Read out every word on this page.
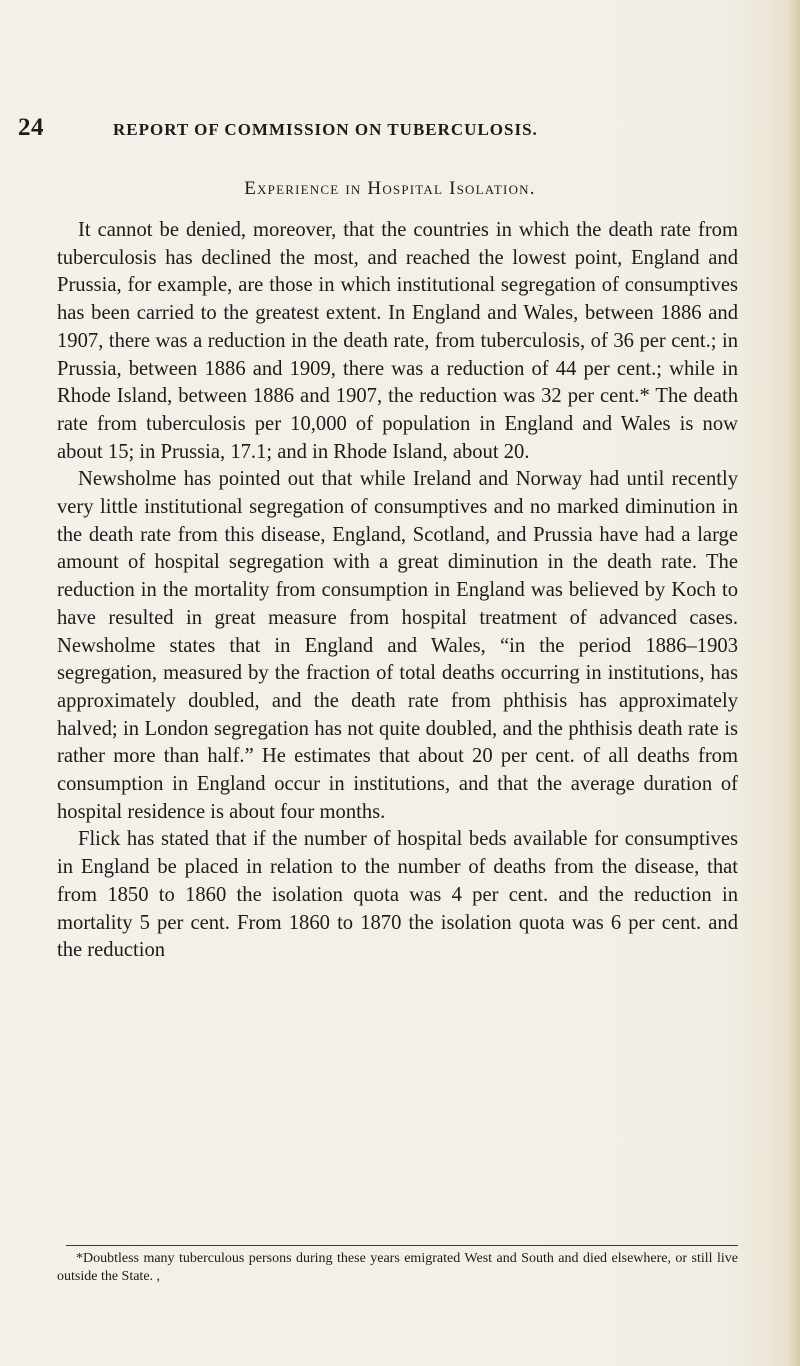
24	REPORT OF COMMISSION ON TUBERCULOSIS.
Experience in Hospital Isolation.

It cannot be denied, moreover, that the countries in which the death rate from tuberculosis has declined the most, and reached the lowest point, England and Prussia, for example, are those in which institutional segregation of consumptives has been carried to the greatest extent. In England and Wales, between 1886 and 1907, there was a reduction in the death rate, from tuberculosis, of 36 per cent.; in Prussia, between 1886 and 1909, there was a reduction of 44 per cent.; while in Rhode Island, between 1886 and 1907, the reduction was 32 per cent.* The death rate from tuberculosis per 10,000 of population in England and Wales is now about 15; in Prussia, 17.1; and in Rhode Island, about 20.

Newsholme has pointed out that while Ireland and Norway had until recently very little institutional segregation of consumptives and no marked diminution in the death rate from this disease, England, Scotland, and Prussia have had a large amount of hospital segregation with a great diminution in the death rate. The reduction in the mortality from consumption in England was believed by Koch to have resulted in great measure from hospital treatment of advanced cases. Newsholme states that in England and Wales, “in the period 1886–1903 segregation, measured by the fraction of total deaths occurring in institutions, has approximately doubled, and the death rate from phthisis has approximately halved; in London segregation has not quite doubled, and the phthisis death rate is rather more than half.” He estimates that about 20 per cent. of all deaths from consumption in England occur in institutions, and that the average duration of hospital residence is about four months.

Flick has stated that if the number of hospital beds available for consumptives in England be placed in relation to the number of deaths from the disease, that from 1850 to 1860 the isolation quota was 4 per cent. and the reduction in mortality 5 per cent. From 1860 to 1870 the isolation quota was 6 per cent. and the reduction

*Doubtless many tuberculous persons during these years emigrated West and South and died elsewhere, or still live outside the State. ,
